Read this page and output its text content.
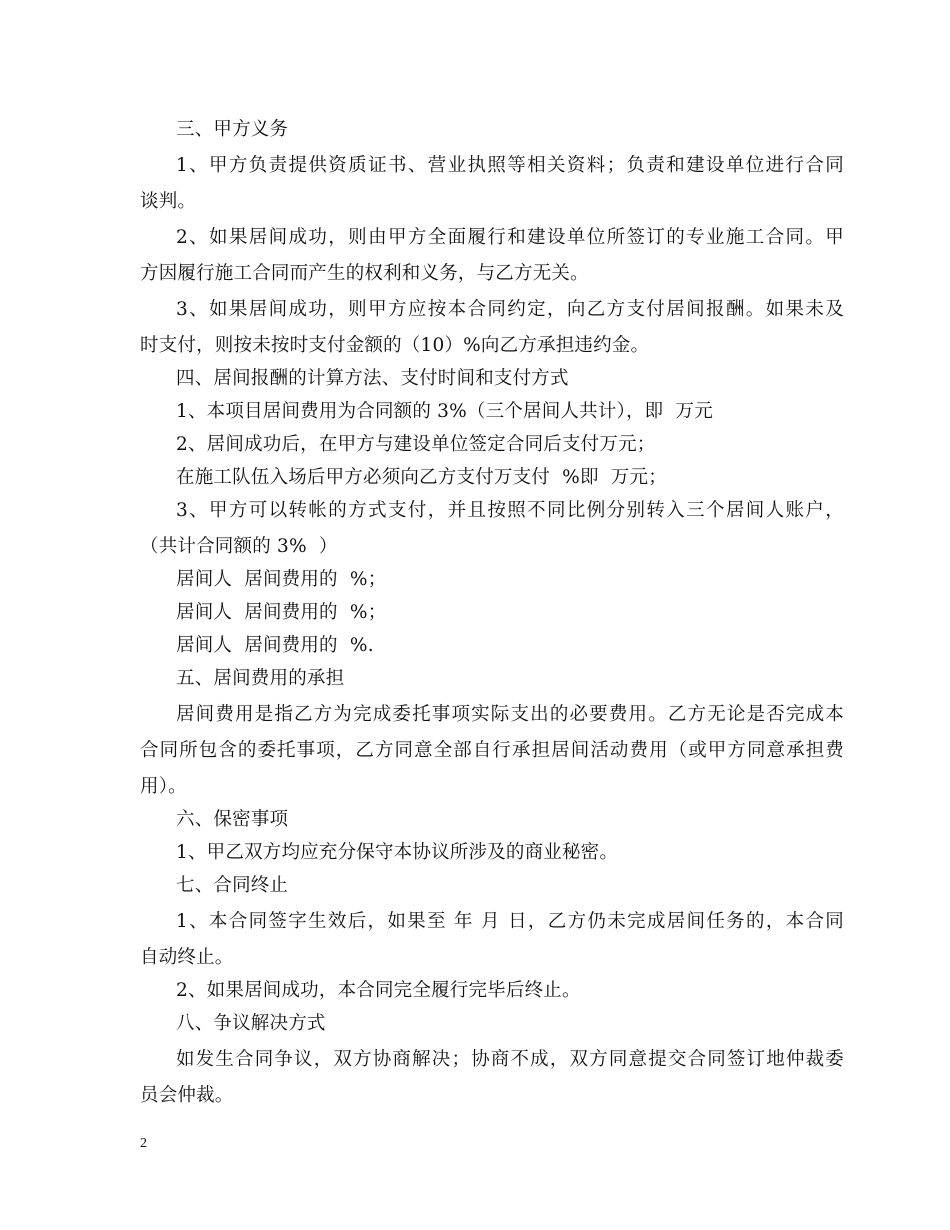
三、甲方义务
1、甲方负责提供资质证书、营业执照等相关资料；负责和建设单位进行合同
谈判。
2、如果居间成功，则由甲方全面履行和建设单位所签订的专业施工合同。甲
方因履行施工合同而产生的权利和义务，与乙方无关。
3、如果居间成功，则甲方应按本合同约定，向乙方支付居间报酬。如果未及
时支付，则按未按时支付金额的（10）%向乙方承担违约金。
四、居间报酬的计算方法、支付时间和支付方式
1、本项目居间费用为合同额的 3%（三个居间人共计），即  万元
2、居间成功后，在甲方与建设单位签定合同后支付万元；
在施工队伍入场后甲方必须向乙方支付万支付  %即  万元；
3、甲方可以转帐的方式支付，并且按照不同比例分别转入三个居间人账户，
（共计合同额的 3%  ）
居间人  居间费用的  %；
居间人  居间费用的  %；
居间人  居间费用的  %.
五、居间费用的承担
居间费用是指乙方为完成委托事项实际支出的必要费用。乙方无论是否完成本
合同所包含的委托事项，乙方同意全部自行承担居间活动费用（或甲方同意承担费
用）。
六、保密事项
1、甲乙双方均应充分保守本协议所涉及的商业秘密。
七、合同终止
1、本合同签字生效后，如果至 年 月 日，乙方仍未完成居间任务的，本合同
自动终止。
2、如果居间成功，本合同完全履行完毕后终止。
八、争议解决方式
如发生合同争议，双方协商解决；协商不成，双方同意提交合同签订地仲裁委
员会仲裁。
2
